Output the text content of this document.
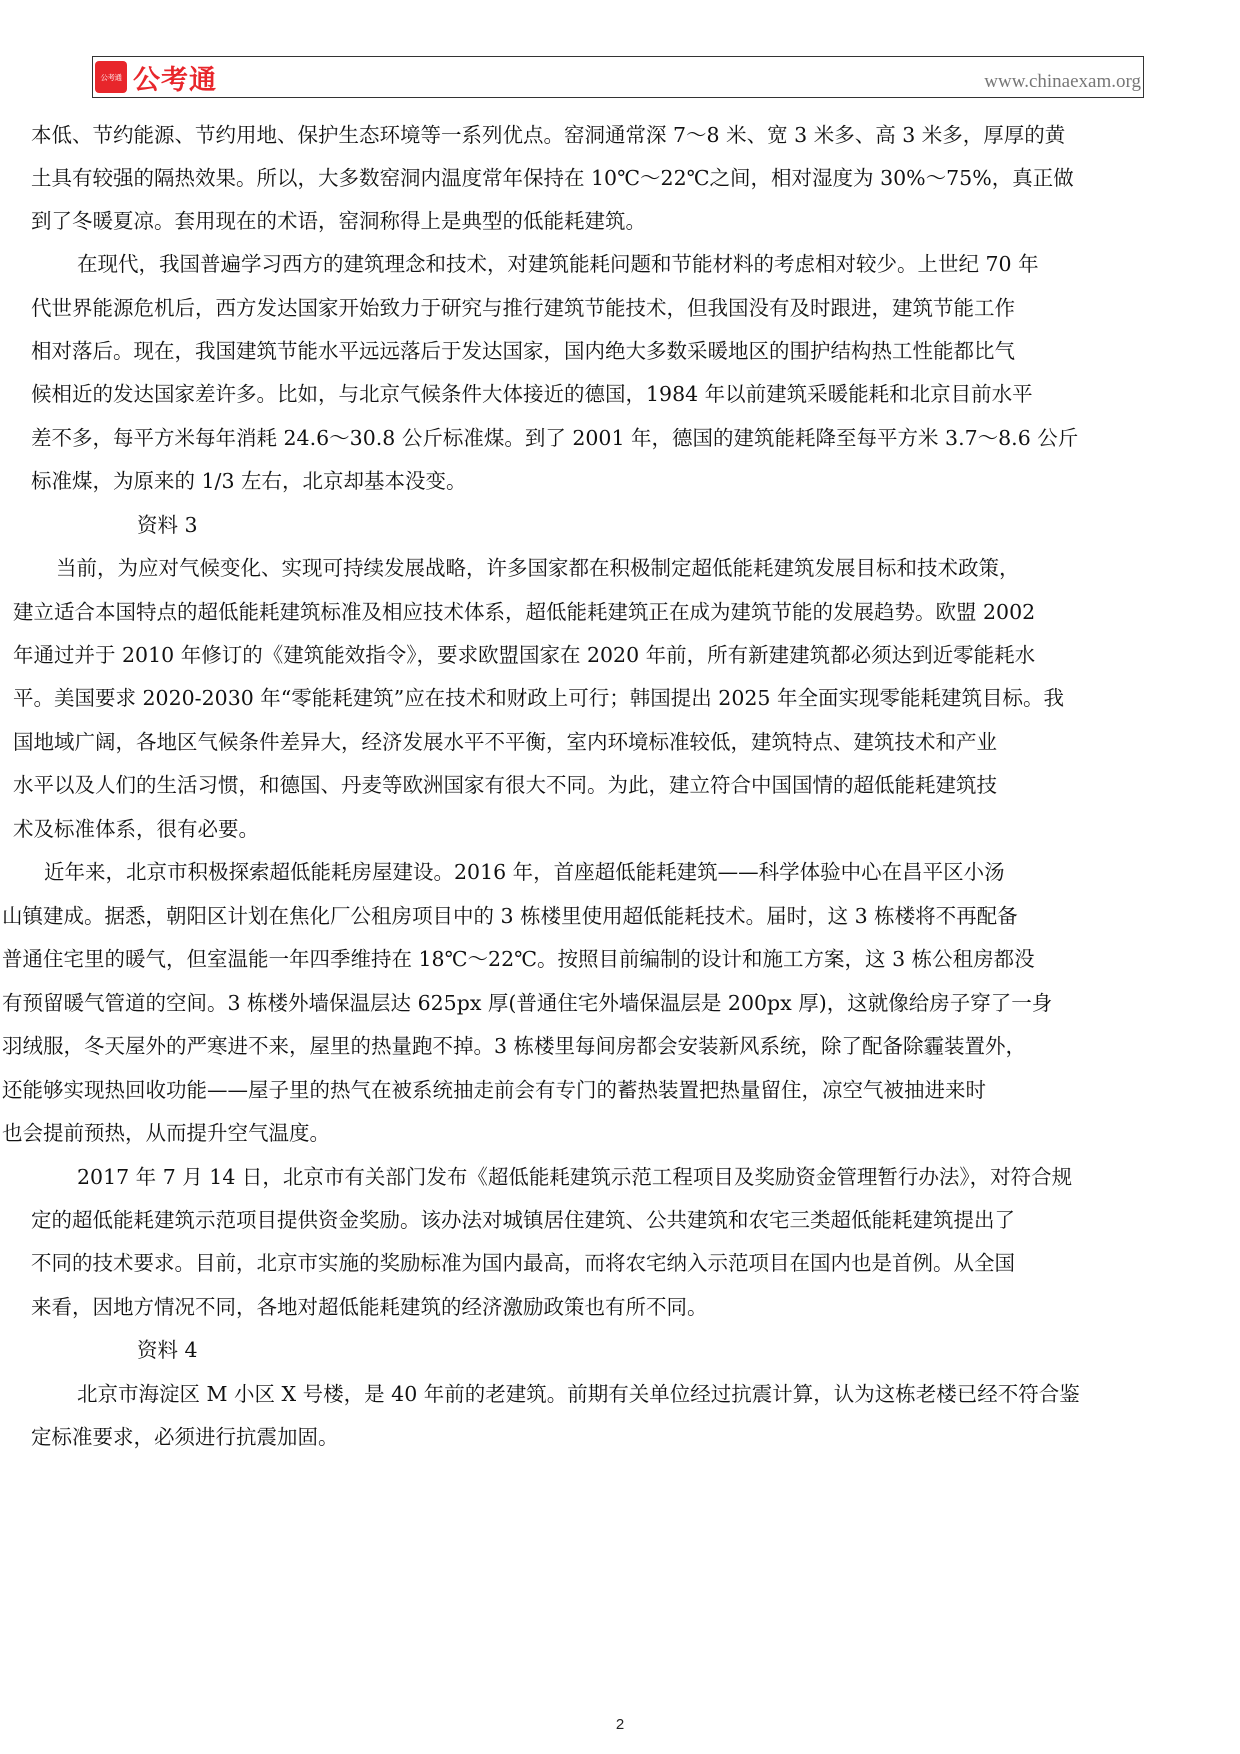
公考通 公考通	www.chinaexam.org
本低、节约能源、节约用地、保护生态环境等一系列优点。窑洞通常深 7～8 米、宽 3 米多、高 3 米多，厚厚的黄
土具有较强的隔热效果。所以，大多数窑洞内温度常年保持在 10℃～22℃之间，相对湿度为 30%～75%，真正做
到了冬暖夏凉。套用现在的术语，窑洞称得上是典型的低能耗建筑。
在现代，我国普遍学习西方的建筑理念和技术，对建筑能耗问题和节能材料的考虑相对较少。上世纪 70 年
代世界能源危机后，西方发达国家开始致力于研究与推行建筑节能技术，但我国没有及时跟进，建筑节能工作
相对落后。现在，我国建筑节能水平远远落后于发达国家，国内绝大多数采暖地区的围护结构热工性能都比气
候相近的发达国家差许多。比如，与北京气候条件大体接近的德国，1984 年以前建筑采暖能耗和北京目前水平
差不多，每平方米每年消耗 24.6～30.8 公斤标准煤。到了 2001 年，德国的建筑能耗降至每平方米 3.7～8.6 公斤
标准煤，为原来的 1/3 左右，北京却基本没变。
资料 3
当前，为应对气候变化、实现可持续发展战略，许多国家都在积极制定超低能耗建筑发展目标和技术政策，
建立适合本国特点的超低能耗建筑标准及相应技术体系，超低能耗建筑正在成为建筑节能的发展趋势。欧盟 2002
年通过并于 2010 年修订的《建筑能效指令》，要求欧盟国家在 2020 年前，所有新建建筑都必须达到近零能耗水
平。美国要求 2020-2030 年“零能耗建筑”应在技术和财政上可行；韩国提出 2025 年全面实现零能耗建筑目标。我
国地域广阔，各地区气候条件差异大，经济发展水平不平衡，室内环境标准较低，建筑特点、建筑技术和产业
水平以及人们的生活习惯，和德国、丹麦等欧洲国家有很大不同。为此，建立符合中国国情的超低能耗建筑技
术及标准体系，很有必要。
近年来，北京市积极探索超低能耗房屋建设。2016 年，首座超低能耗建筑——科学体验中心在昌平区小汤
山镇建成。据悉，朝阳区计划在焦化厂公租房项目中的 3 栋楼里使用超低能耗技术。届时，这 3 栋楼将不再配备
普通住宅里的暖气，但室温能一年四季维持在 18℃～22℃。按照目前编制的设计和施工方案，这 3 栋公租房都没
有预留暖气管道的空间。3 栋楼外墙保温层达 625px 厚(普通住宅外墙保温层是 200px 厚)，这就像给房子穿了一身
羽绒服，冬天屋外的严寒进不来，屋里的热量跑不掉。3 栋楼里每间房都会安装新风系统，除了配备除霾装置外，
还能够实现热回收功能——屋子里的热气在被系统抽走前会有专门的蓄热装置把热量留住，凉空气被抽进来时
也会提前预热，从而提升空气温度。
2017 年 7 月 14 日，北京市有关部门发布《超低能耗建筑示范工程项目及奖励资金管理暂行办法》，对符合规
定的超低能耗建筑示范项目提供资金奖励。该办法对城镇居住建筑、公共建筑和农宅三类超低能耗建筑提出了
不同的技术要求。目前，北京市实施的奖励标准为国内最高，而将农宅纳入示范项目在国内也是首例。从全国
来看，因地方情况不同，各地对超低能耗建筑的经济激励政策也有所不同。
资料 4
北京市海淀区 M 小区 X 号楼，是 40 年前的老建筑。前期有关单位经过抗震计算，认为这栋老楼已经不符合鉴
定标准要求，必须进行抗震加固。
2
